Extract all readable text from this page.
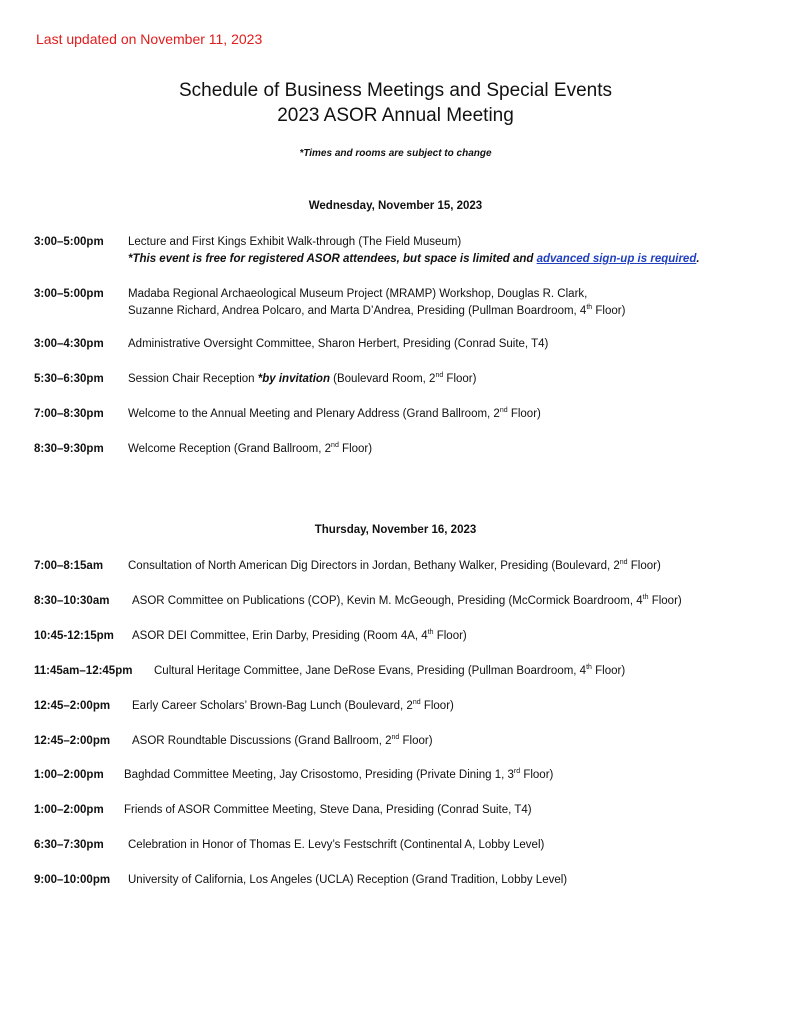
Last updated on November 11, 2023
Schedule of Business Meetings and Special Events
2023 ASOR Annual Meeting
*Times and rooms are subject to change
Wednesday, November 15, 2023
3:00–5:00pm Lecture and First Kings Exhibit Walk-through (The Field Museum)
*This event is free for registered ASOR attendees, but space is limited and advanced sign-up is required.
3:00–5:00pm Madaba Regional Archaeological Museum Project (MRAMP) Workshop, Douglas R. Clark,
Suzanne Richard, Andrea Polcaro, and Marta D’Andrea, Presiding (Pullman Boardroom, 4th Floor)
3:00–4:30pm Administrative Oversight Committee, Sharon Herbert, Presiding (Conrad Suite, T4)
5:30–6:30pm Session Chair Reception *by invitation (Boulevard Room, 2nd Floor)
7:00–8:30pm Welcome to the Annual Meeting and Plenary Address (Grand Ballroom, 2nd Floor)
8:30–9:30pm Welcome Reception (Grand Ballroom, 2nd Floor)
Thursday, November 16, 2023
7:00–8:15am Consultation of North American Dig Directors in Jordan, Bethany Walker, Presiding (Boulevard, 2nd Floor)
8:30–10:30am ASOR Committee on Publications (COP), Kevin M. McGeough, Presiding (McCormick Boardroom, 4th Floor)
10:45-12:15pm ASOR DEI Committee, Erin Darby, Presiding (Room 4A, 4th Floor)
11:45am–12:45pm Cultural Heritage Committee, Jane DeRose Evans, Presiding (Pullman Boardroom, 4th Floor)
12:45–2:00pm Early Career Scholars’ Brown-Bag Lunch (Boulevard, 2nd Floor)
12:45–2:00pm ASOR Roundtable Discussions (Grand Ballroom, 2nd Floor)
1:00–2:00pm Baghdad Committee Meeting, Jay Crisostomo, Presiding (Private Dining 1, 3rd Floor)
1:00–2:00pm Friends of ASOR Committee Meeting, Steve Dana, Presiding (Conrad Suite, T4)
6:30–7:30pm Celebration in Honor of Thomas E. Levy’s Festschrift (Continental A, Lobby Level)
9:00–10:00pm University of California, Los Angeles (UCLA) Reception (Grand Tradition, Lobby Level)
